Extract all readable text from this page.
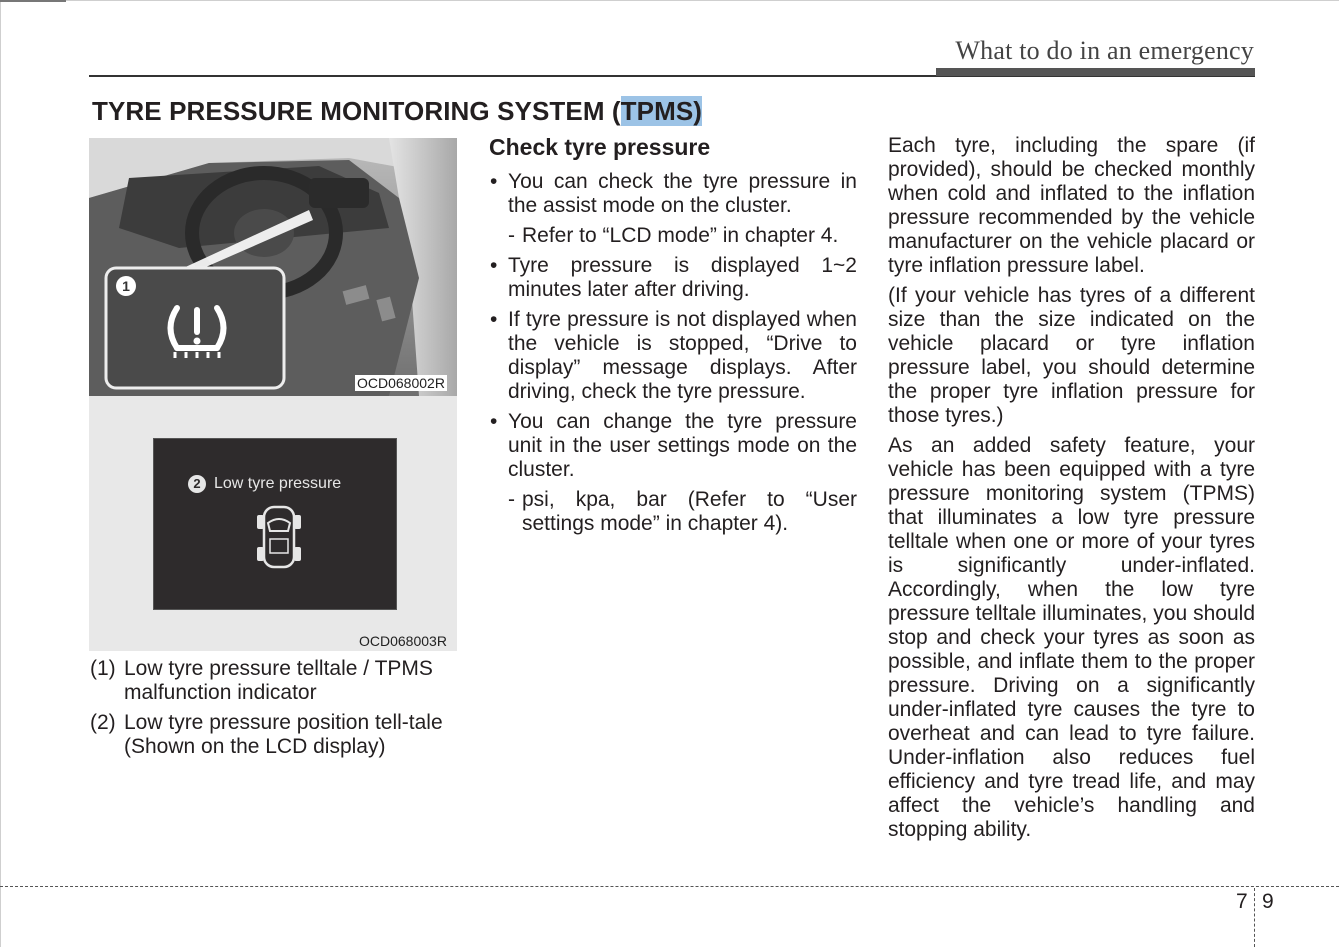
What to do in an emergency
TYRE PRESSURE MONITORING SYSTEM (TPMS)
1
OCD068002R
2 Low tyre pressure
OCD068003R
(1) Low tyre pressure telltale / TPMS malfunction indicator
(2) Low tyre pressure position tell-tale (Shown on the LCD display)
Check tyre pressure
• You can check the tyre pressure in the assist mode on the cluster.
- Refer to “LCD mode” in chapter 4.
• Tyre pressure is displayed 1~2 minutes later after driving.
• If tyre pressure is not displayed when the vehicle is stopped, “Drive to display” message displays. After driving, check the tyre pressure.
• You can change the tyre pressure unit in the user settings mode on the cluster.
- psi, kpa, bar (Refer to “User settings mode” in chapter 4).

Each tyre, including the spare (if provided), should be checked monthly when cold and inflated to the inflation pressure recommended by the vehicle manufacturer on the vehicle placard or tyre inflation pressure label.

(If your vehicle has tyres of a different size than the size indicated on the vehicle placard or tyre inflation pressure label, you should determine the proper tyre inflation pressure for those tyres.)

As an added safety feature, your vehicle has been equipped with a tyre pressure monitoring system (TPMS) that illuminates a low tyre pressure telltale when one or more of your tyres is significantly under-inflated. Accordingly, when the low tyre pressure telltale illuminates, you should stop and check your tyres as soon as possible, and inflate them to the proper pressure. Driving on a significantly under-inflated tyre causes the tyre to overheat and can lead to tyre failure. Under-inflation also reduces fuel efficiency and tyre tread life, and may affect the vehicle’s handling and stopping ability.

7 9
